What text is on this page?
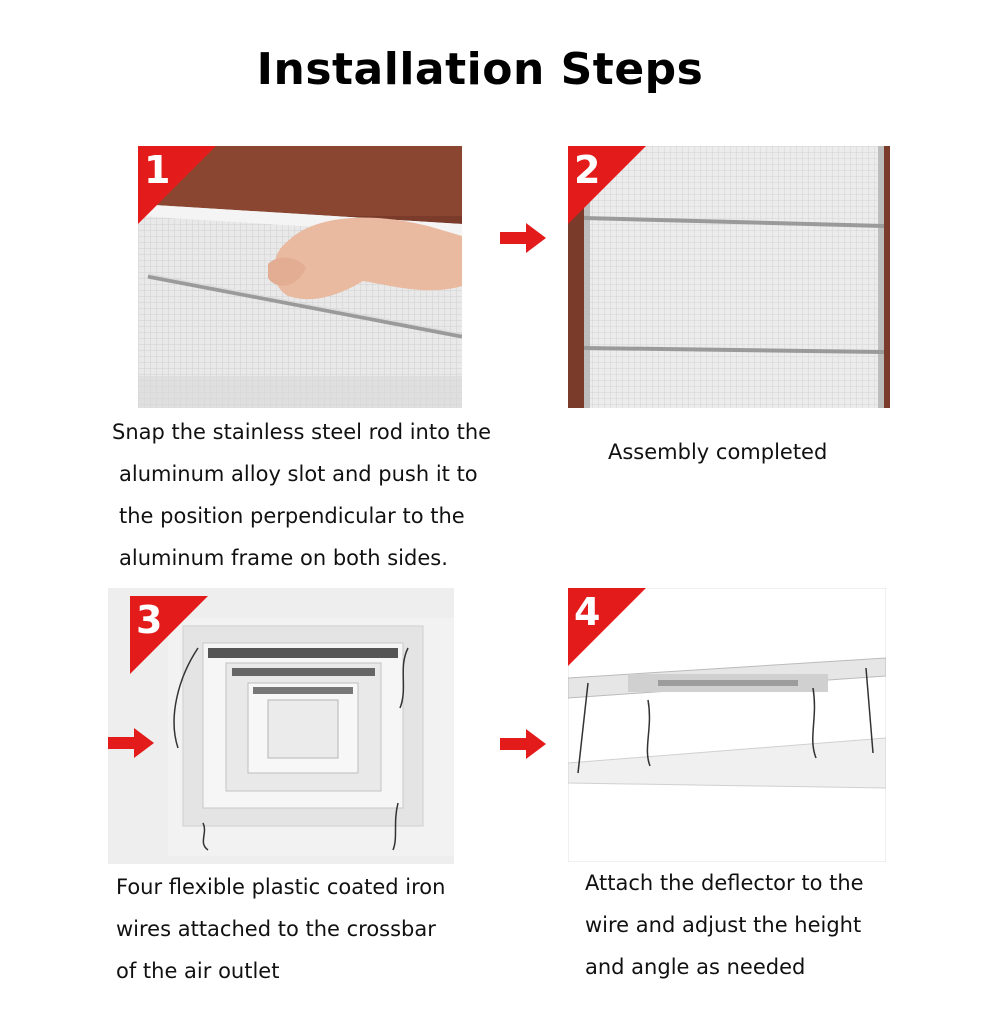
Installation Steps
1	2
Snap the stainless steel rod into the
aluminum alloy slot and push it to
the position perpendicular to the
aluminum frame on both sides.
Assembly completed
3	4
Four flexible plastic coated iron
wires attached to the crossbar
of the air outlet
Attach the deflector to the
wire and adjust the height
and angle as needed
